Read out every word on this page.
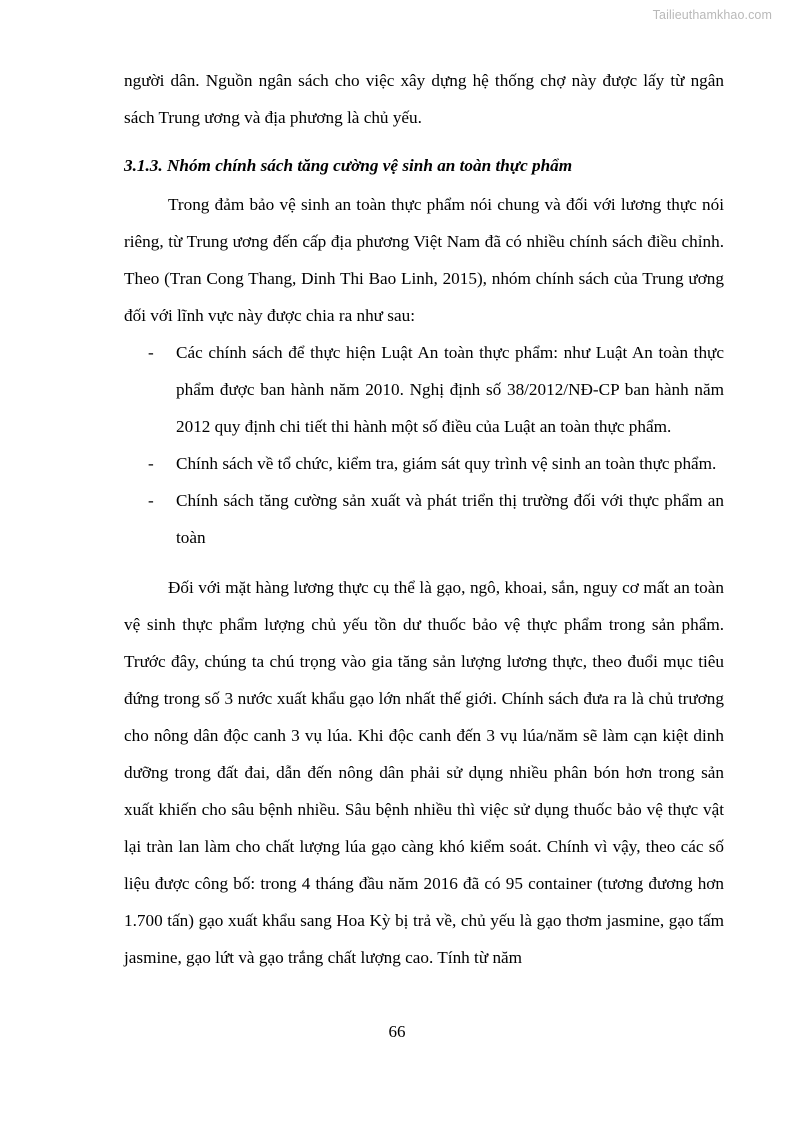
Tailieuthamkhao.com

người dân. Nguồn ngân sách cho việc xây dựng hệ thống chợ này được lấy từ ngân sách Trung ương và địa phương là chủ yếu.

3.1.3. Nhóm chính sách tăng cường vệ sinh an toàn thực phẩm

Trong đảm bảo vệ sinh an toàn thực phẩm nói chung và đối với lương thực nói riêng, từ Trung ương đến cấp địa phương Việt Nam đã có nhiều chính sách điều chỉnh. Theo (Tran Cong Thang, Dinh Thi Bao Linh, 2015), nhóm chính sách của Trung ương đối với lĩnh vực này được chia ra như sau:

- Các chính sách để thực hiện Luật An toàn thực phẩm: như Luật An toàn thực phẩm được ban hành năm 2010. Nghị định số 38/2012/NĐ-CP ban hành năm 2012 quy định chi tiết thi hành một số điều của Luật an toàn thực phẩm.
- Chính sách về tổ chức, kiểm tra, giám sát quy trình vệ sinh an toàn thực phẩm.
- Chính sách tăng cường sản xuất và phát triển thị trường đối với thực phẩm an toàn

Đối với mặt hàng lương thực cụ thể là gạo, ngô, khoai, sắn, nguy cơ mất an toàn vệ sinh thực phẩm lượng chủ yếu tồn dư thuốc bảo vệ thực phẩm trong sản phẩm. Trước đây, chúng ta chú trọng vào gia tăng sản lượng lương thực, theo đuổi mục tiêu đứng trong số 3 nước xuất khẩu gạo lớn nhất thế giới. Chính sách đưa ra là chủ trương cho nông dân độc canh 3 vụ lúa. Khi độc canh đến 3 vụ lúa/năm sẽ làm cạn kiệt dinh dưỡng trong đất đai, dẫn đến nông dân phải sử dụng nhiều phân bón hơn trong sản xuất khiến cho sâu bệnh nhiều. Sâu bệnh nhiều thì việc sử dụng thuốc bảo vệ thực vật lại tràn lan làm cho chất lượng lúa gạo càng khó kiểm soát. Chính vì vậy, theo các số liệu được công bố: trong 4 tháng đầu năm 2016 đã có 95 container (tương đương hơn 1.700 tấn) gạo xuất khẩu sang Hoa Kỳ bị trả về, chủ yếu là gạo thơm jasmine, gạo tấm jasmine, gạo lứt và gạo trắng chất lượng cao. Tính từ năm

66
